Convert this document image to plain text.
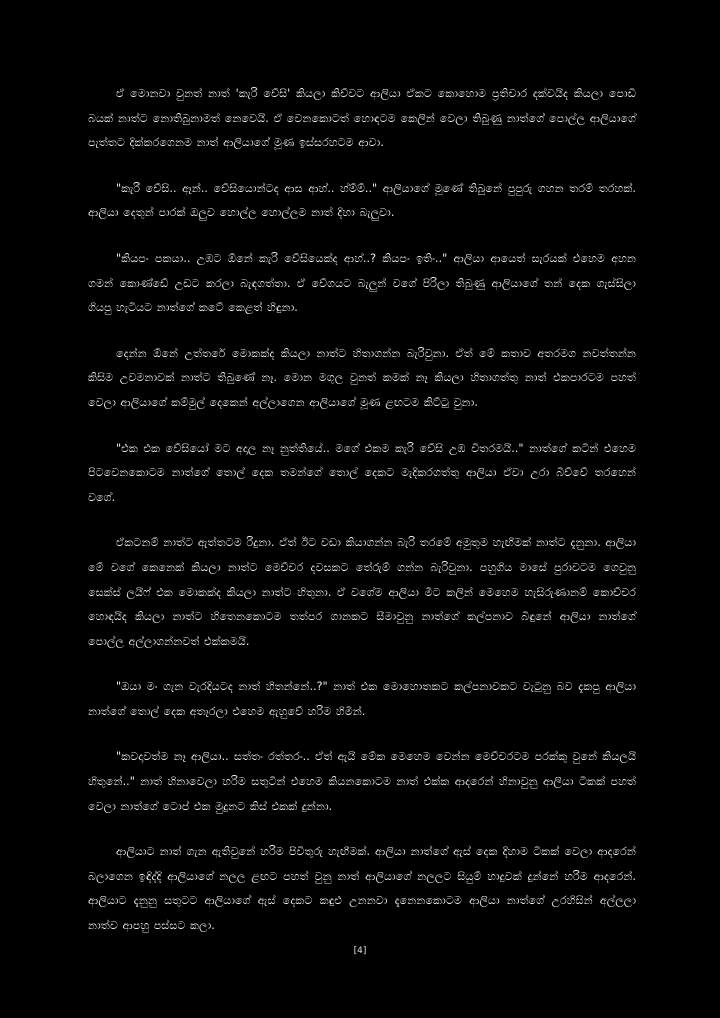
ඒ මොනවා වුනත් නාත් 'කැරි වේසි' කියලා කිව්වට ආලියා ඒකට කොහොම ප්‍රතිචාර දක්වයිද කියලා පොඩි බයක් නාත්ට නොතිබුනාමත් නෙවෙයි. ඒ වෙනකොටත් හොඳටම කෙලින් වෙලා තිබුණු නාත්ගේ පොල්ල ආලියාගේ පැත්තට දික්කරගෙනම නාත් ආලියාගේ මූණ ඉස්සරහටම ආවා.

"කැරි වේසි.. ඈන්.. වේසියොන්ටද ආස ආහ්.. හ්ම්ම්.." ආලියාගේ මූණේ තිබුනේ පුපුරු ගහන තරම් තරහක්. ආලියා දෙතුන් පාරක් ඔලුව හොල්ල හොල්ලම නාත් දිහා බැලුවා.

"කියපං පකයා.. උඹට ඕනේ කැරි වේසියෙක්ද ආහ්..? කියපං ඉතිං.." ආලියා ආයෙත් සැරයක් එහෙම අහන ගමන් කොණ්ඩේ උඩට කරලා බැඳගත්තා. ඒ වේගයට බැලුන් වගේ පිරිලා තිබුණු ආලියාගේ තන් දෙක ගැස්සිලා ගියපු හැටියට නාත්ගේ කටේ කෙළත් හිඳුනා.

දෙන්න ඕනේ උත්තරේ මොකක්ද කියලා නාත්ට හිතාගන්න බැරිවුනා. ඒත් මේ කතාව අතරමග නවත්තන්න කිසිම උවමනාවක් නාත්ට තිබුණේ නෑ. මොන මගුල වුනත් කමක් නෑ කියලා හිතාගත්තු නාත් එකපාරටම පහත් වෙලා ආලියාගේ කම්මුල් දෙකෙන් අල්ලාගෙන ආලියාගේ මූණ ළඟටම කිට්ටු වුනා.

"එක එක වේසියෝ මට අදාල නෑ නුත්තියේ.. මගේ එකම කැරි වේසි උඹ විතරමයි.." නාත්ගේ කටින් එහෙම පිටවෙනකොටම නාත්ගේ තොල් දෙක තමන්ගේ තොල් දෙකට මැදිකරගත්තු ආලියා ඒවා උරා බිව්වේ තරහෙන් වගේ.

ඒකටනම් නාත්ට ඇත්තටම රිදුනා. ඒත් ඊට වඩා කියාගන්න බැරි තරමේ අමුතුම හැඟීමක් නාත්ට දැනුනා. ආලියා මේ වගේ කෙනෙක් කියලා නාත්ට මෙච්චර දවසකට තේරුම් ගන්න බැරිවුනා. පහුගිය මාසේ පුරාවටම ගෙවුනු සෙක්ස් ලයිෆ් එක මොකක්ද කියලා නාත්ට හිතුනා. ඒ වගේම ආලියා මීට කලින් මෙහෙම හැසිරුණානම් කොච්චර හොඳයිද කියලා නාත්ට හිතෙනකොටම තත්පර ගානකට සීමාවුනු නාත්ගේ කල්පනාව බිඳුනේ ආලියා නාත්ගේ පොල්ල අල්ලාගන්නවත් එක්කමයි.

"ඔයා මං ගැන වැරදියටද නාත් හිතන්නේ..?" නාත් එක මොහොතකට කල්පනාවකට වැටුනු බව දැකපු ආලියා නාත්ගේ තොල් දෙක අතෑරලා එහෙම ඇහුවේ හරිම හිමින්.

"කවදාවත්ම නෑ ආලියා.. සත්තං රත්තරං.. ඒත් ඇයි මේක මෙහෙම වෙන්න මෙච්චරටම පරක්කු වුනේ කියලයි හිතුනේ.." නාත් හිනාවෙලා හරිම සතුටින් එහෙම කියනකොටම නාත් එක්ක ආදරෙන් හිනාවුනු ආලියා ටිකක් පහත් වෙලා නාත්ගේ ටොප් එක මුදුනට කිස් එකක් දුන්නා.

ආලියාට නාත් ගැන ඇතිවුනේ හරිම පිවිතුරු හැඟීමක්. ආලියා නාත්ගේ ඇස් දෙක දිහාම ටිකක් වෙලා ආදරෙන් බලාගෙන ඉඳිද්දි ආලියාගේ නලල ළඟට පහත් වුනු නාත් ආලියාගේ නලලට සියුම් හාදුවක් දුන්නේ හරිම ආදරෙන්. ආලියාට දැනුනු සතුටට ආලියාගේ ඇස් දෙකට කඳුළු උනනවා දැනෙනකොටම ආලියා නාත්ගේ උරහිසින් අල්ලලා නාත්ව ආපහු පස්සට කලා.

[4]
